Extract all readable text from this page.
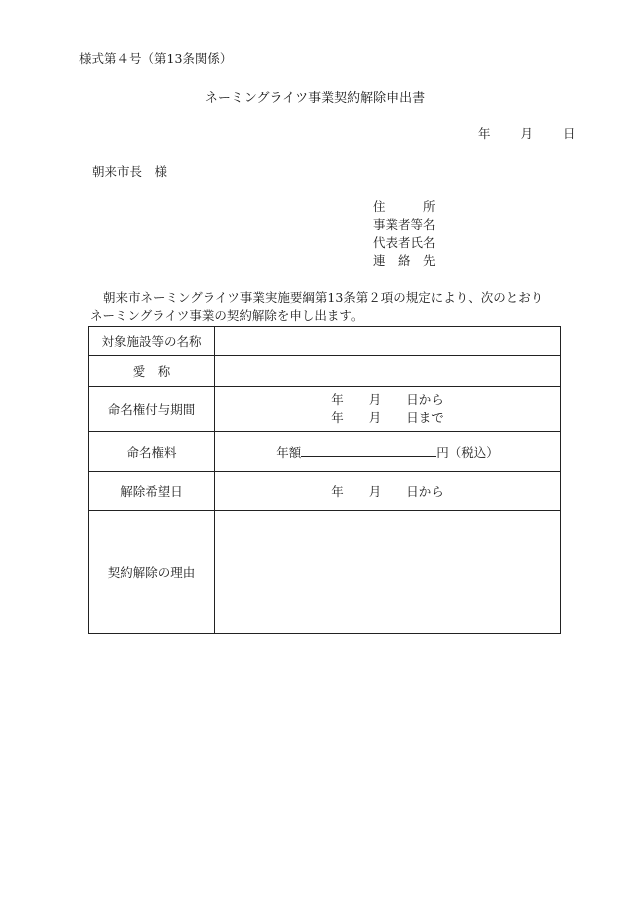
様式第４号（第13条関係）
ネーミングライツ事業契約解除申出書
年 月 日
朝来市長　様
住　　　所
事業者等名
代表者氏名
連　絡　先
朝来市ネーミングライツ事業実施要綱第13条第２項の規定により、次のとおり
ネーミングライツ事業の契約解除を申し出ます。
対象施設等の名称	
愛　称	
命名権付与期間	年　　月　　日から
年　　月　　日まで

命名権料	年額 円（税込）
解除希望日	年　　月　　日から
契約解除の理由	
